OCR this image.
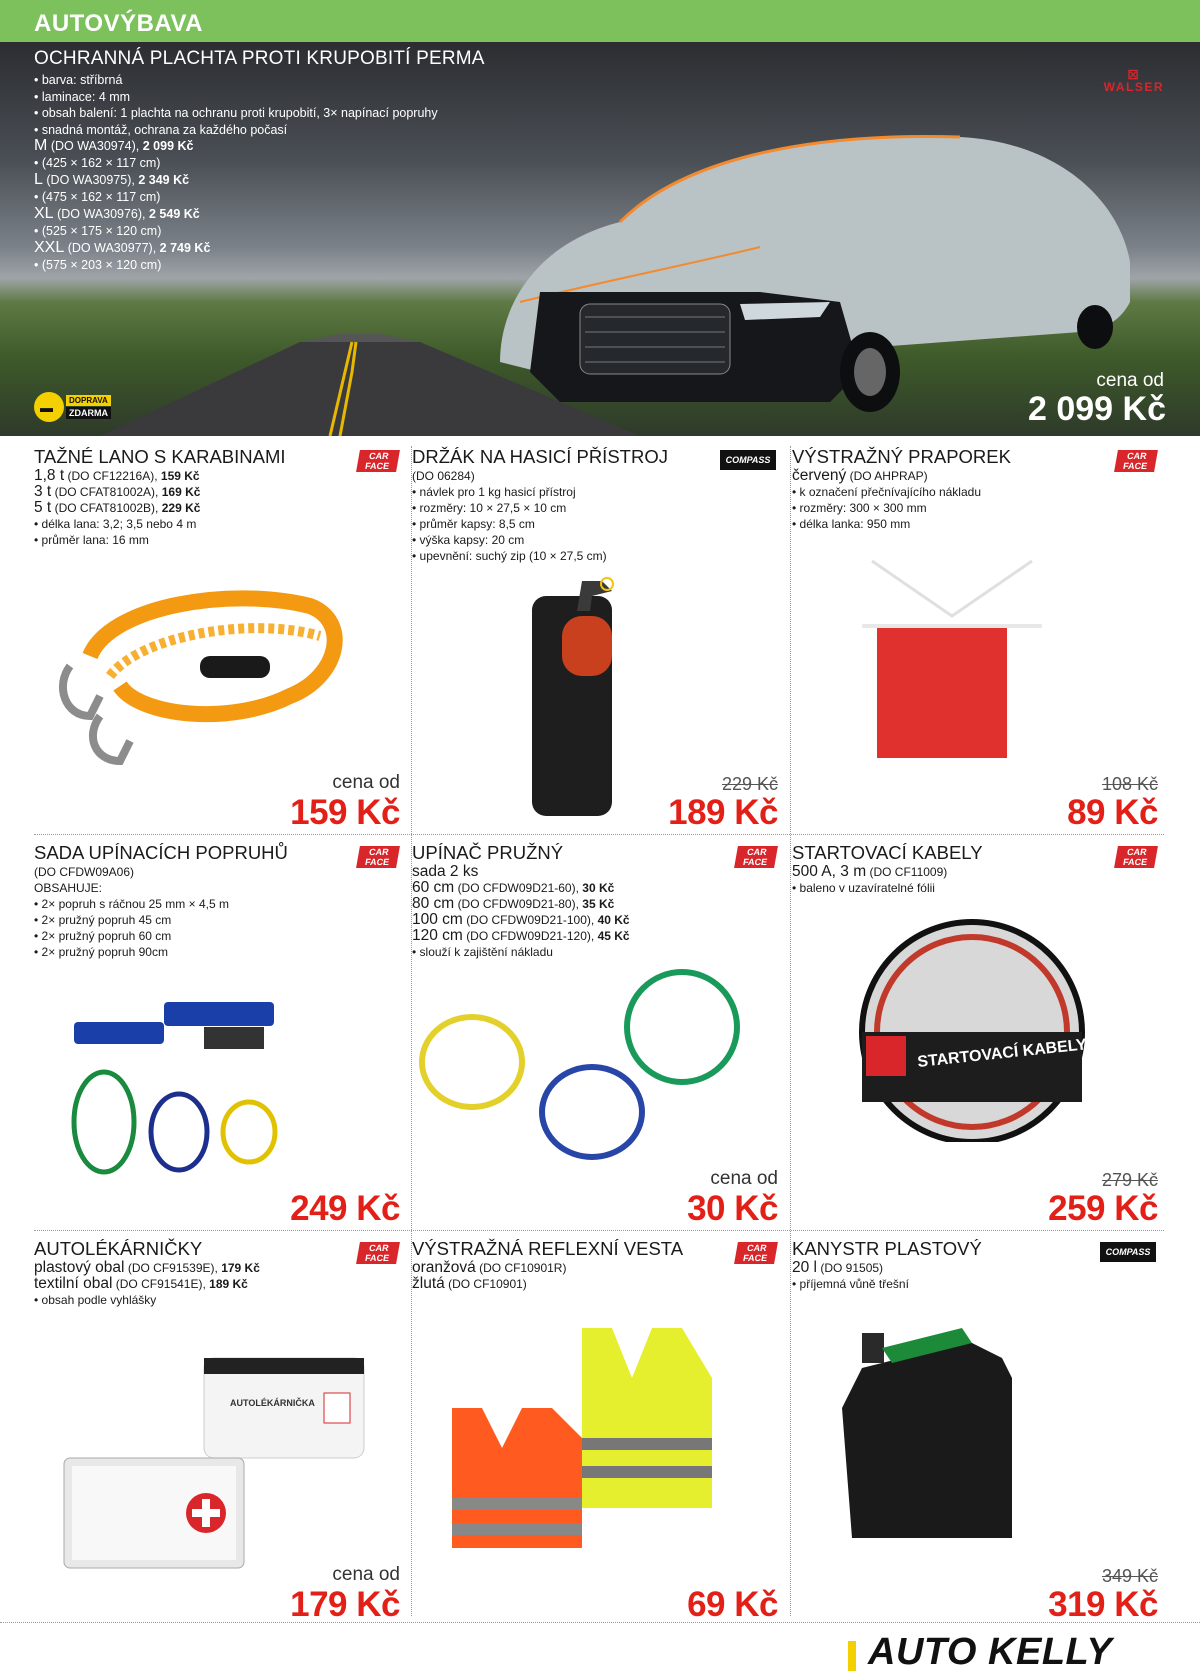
AUTOVÝBAVA
OCHRANNÁ PLACHTA PROTI KRUPOBITÍ PERMA
• barva: stříbrná
• laminace: 4 mm
• obsah balení: 1 plachta na ochranu proti krupobití, 3× napínací popruhy
• snadná montáž, ochrana za každého počasí
M (DO WA30974), 2 099 Kč
• (425 × 162 × 117 cm)
L (DO WA30975), 2 349 Kč
• (475 × 162 × 117 cm)
XL (DO WA30976), 2 549 Kč
• (525 × 175 × 120 cm)
XXL (DO WA30977), 2 749 Kč
• (575 × 203 × 120 cm)
⊠
WALSER
▬	DOPRAVA
ZDARMA
cena od
2 099 Kč
CAR
FACE
TAŽNÉ LANO S KARABINAMI
1,8 t (DO CF12216A), 159 Kč
3 t (DO CFAT81002A), 169 Kč
5 t (DO CFAT81002B), 229 Kč
• délka lana: 3,2; 3,5 nebo 4 m
• průměr lana: 16 mm
cena od
159 Kč
COMPASS
DRŽÁK NA HASICÍ PŘÍSTROJ
(DO 06284)
• návlek pro 1 kg hasicí přístroj
• rozměry: 10 × 27,5 × 10 cm
• průměr kapsy: 8,5 cm
• výška kapsy: 20 cm
• upevnění: suchý zip (10 × 27,5 cm)
229 Kč
189 Kč
CAR
FACE
VÝSTRAŽNÝ PRAPOREK
červený (DO AHPRAP)
• k označení přečnívajícího nákladu
• rozměry: 300 × 300 mm
• délka lanka: 950 mm
108 Kč
89 Kč
CAR
FACE
SADA UPÍNACÍCH POPRUHŮ
(DO CFDW09A06)
OBSAHUJE:
• 2× popruh s ráčnou 25 mm × 4,5 m
• 2× pružný popruh 45 cm
• 2× pružný popruh 60 cm
• 2× pružný popruh 90cm
249 Kč
CAR
FACE
UPÍNAČ PRUŽNÝ
sada 2 ks
60 cm (DO CFDW09D21-60), 30 Kč
80 cm (DO CFDW09D21-80), 35 Kč
100 cm (DO CFDW09D21-100), 40 Kč
120 cm (DO CFDW09D21-120), 45 Kč
• slouží k zajištění nákladu
cena od
30 Kč
CAR
FACE
STARTOVACÍ KABELY
500 A, 3 m (DO CF11009)
• baleno v uzavíratelné fólii
STARTOVACÍ KABELY
279 Kč
259 Kč
CAR
FACE
AUTOLÉKÁRNIČKY
plastový obal (DO CF91539E), 179 Kč
textilní obal (DO CF91541E), 189 Kč
• obsah podle vyhlášky
AUTOLÉKÁRNIČKA
cena od
179 Kč
CAR
FACE
VÝSTRAŽNÁ REFLEXNÍ VESTA
oranžová (DO CF10901R)
žlutá (DO CF10901)
69 Kč
COMPASS
KANYSTR PLASTOVÝ
20 l (DO 91505)
• příjemná vůně třešní
349 Kč
319 Kč
AUTO KELLY
